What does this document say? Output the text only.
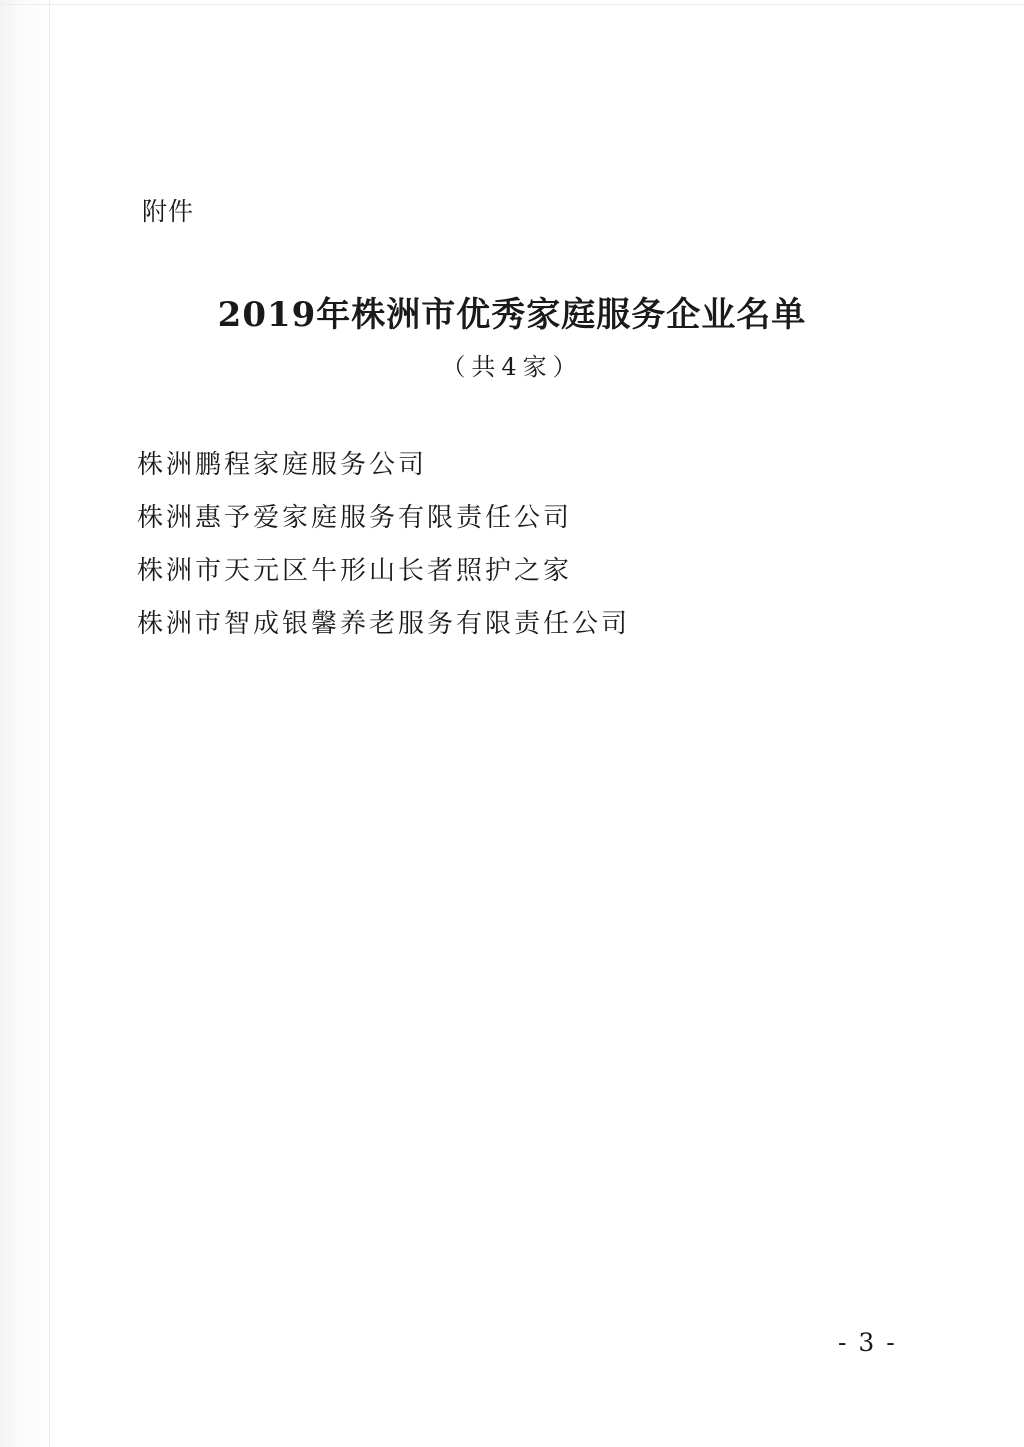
附件
2019年株洲市优秀家庭服务企业名单
（共4家）
株洲鹏程家庭服务公司
株洲惠予爱家庭服务有限责任公司
株洲市天元区牛形山长者照护之家
株洲市智成银馨养老服务有限责任公司
- 3 -
